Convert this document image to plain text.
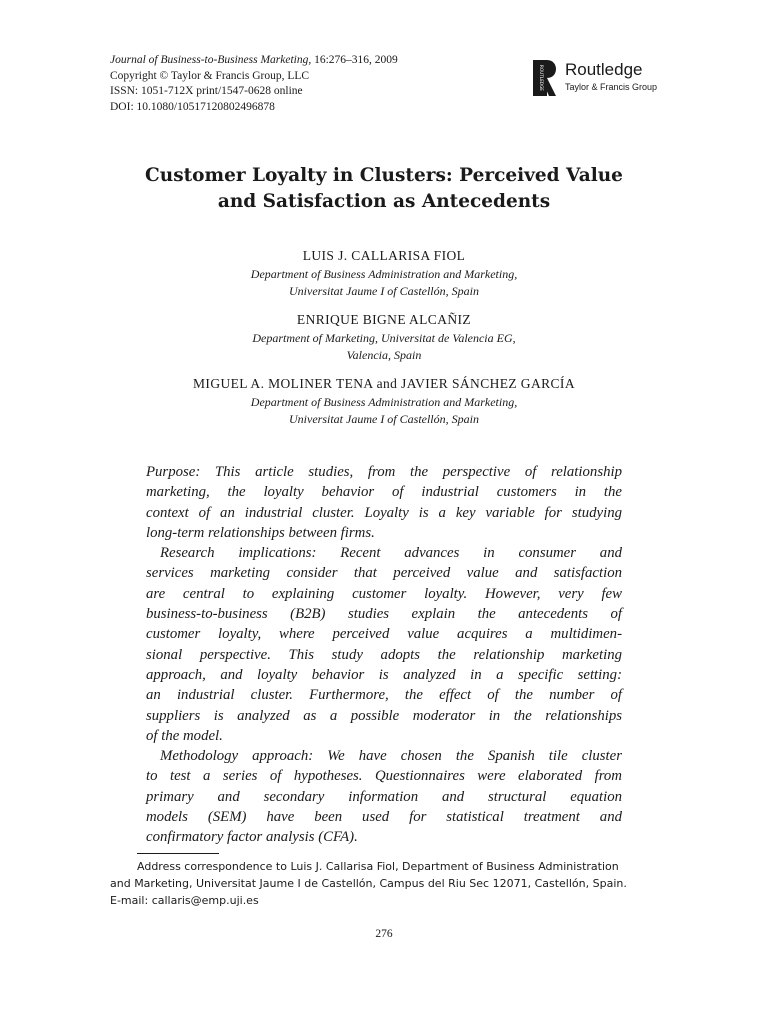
Journal of Business-to-Business Marketing, 16:276–316, 2009
Copyright © Taylor & Francis Group, LLC
ISSN: 1051-712X print/1547-0628 online
DOI: 10.1080/10517120802496878
ROUTLEDGE Routledge
Taylor & Francis Group
Customer Loyalty in Clusters: Perceived Value
and Satisfaction as Antecedents
LUIS J. CALLARISA FIOL
Department of Business Administration and Marketing,
Universitat Jaume I of Castellón, Spain
ENRIQUE BIGNE ALCAÑIZ
Department of Marketing, Universitat de Valencia EG,
Valencia, Spain
MIGUEL A. MOLINER TENA and JAVIER SÁNCHEZ GARCÍA
Department of Business Administration and Marketing,
Universitat Jaume I of Castellón, Spain
Purpose: This article studies, from the perspective of relationship
marketing, the loyalty behavior of industrial customers in the
context of an industrial cluster. Loyalty is a key variable for studying
long-term relationships between firms.
Research implications: Recent advances in consumer and
services marketing consider that perceived value and satisfaction
are central to explaining customer loyalty. However, very few
business-to-business (B2B) studies explain the antecedents of
customer loyalty, where perceived value acquires a multidimen-
sional perspective. This study adopts the relationship marketing
approach, and loyalty behavior is analyzed in a specific setting:
an industrial cluster. Furthermore, the effect of the number of
suppliers is analyzed as a possible moderator in the relationships
of the model.
Methodology approach: We have chosen the Spanish tile cluster
to test a series of hypotheses. Questionnaires were elaborated from
primary and secondary information and structural equation
models (SEM) have been used for statistical treatment and
confirmatory factor analysis (CFA).
Address correspondence to Luis J. Callarisa Fiol, Department of Business Administration
and Marketing, Universitat Jaume I de Castellón, Campus del Riu Sec 12071, Castellón, Spain.
E-mail: callaris@emp.uji.es
276
